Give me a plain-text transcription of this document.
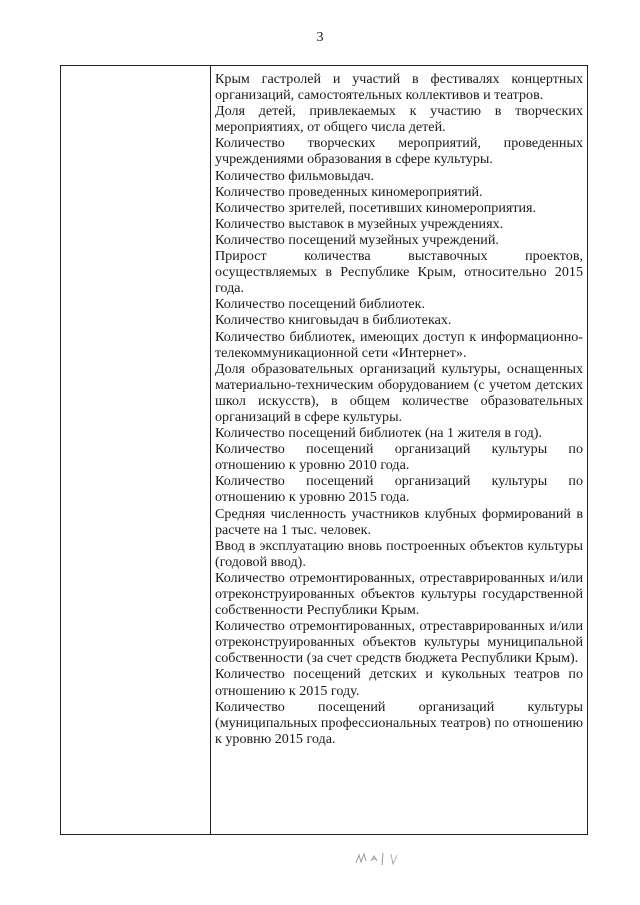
3

Крым гастролей и участий в фестивалях концертных организаций, самостоятельных коллективов и театров.

Доля детей, привлекаемых к участию в творческих мероприятиях, от общего числа детей.

Количество творческих мероприятий, проведенных учреждениями образования в сфере культуры.

Количество фильмовыдач.

Количество проведенных киномероприятий.

Количество зрителей, посетивших киномероприятия.

Количество выставок в музейных учреждениях.

Количество посещений музейных учреждений.

Прирост количества выставочных проектов, осуществляемых в Республике Крым, относительно 2015 года.

Количество посещений библиотек.

Количество книговыдач в библиотеках.

Количество библиотек, имеющих доступ к информационно-телекоммуникационной сети «Интернет».

Доля образовательных организаций культуры, оснащенных материально-техническим оборудованием (с учетом детских школ искусств), в общем количестве образовательных организаций в сфере культуры.

Количество посещений библиотек (на 1 жителя в год).

Количество посещений организаций культуры по отношению к уровню 2010 года.

Количество посещений организаций культуры по отношению к уровню 2015 года.

Средняя численность участников клубных формирований в расчете на 1 тыс. человек.

Ввод в эксплуатацию вновь построенных объектов культуры (годовой ввод).

Количество отремонтированных, отреставрированных и/или отреконструированных объектов культуры государственной собственности Республики Крым.

Количество отремонтированных, отреставрированных и/или отреконструированных объектов культуры муниципальной собственности (за счет средств бюджета Республики Крым).

Количество посещений детских и кукольных театров по отношению к 2015 году.

Количество посещений организаций культуры (муниципальных профессиональных театров) по отношению к уровню 2015 года.
